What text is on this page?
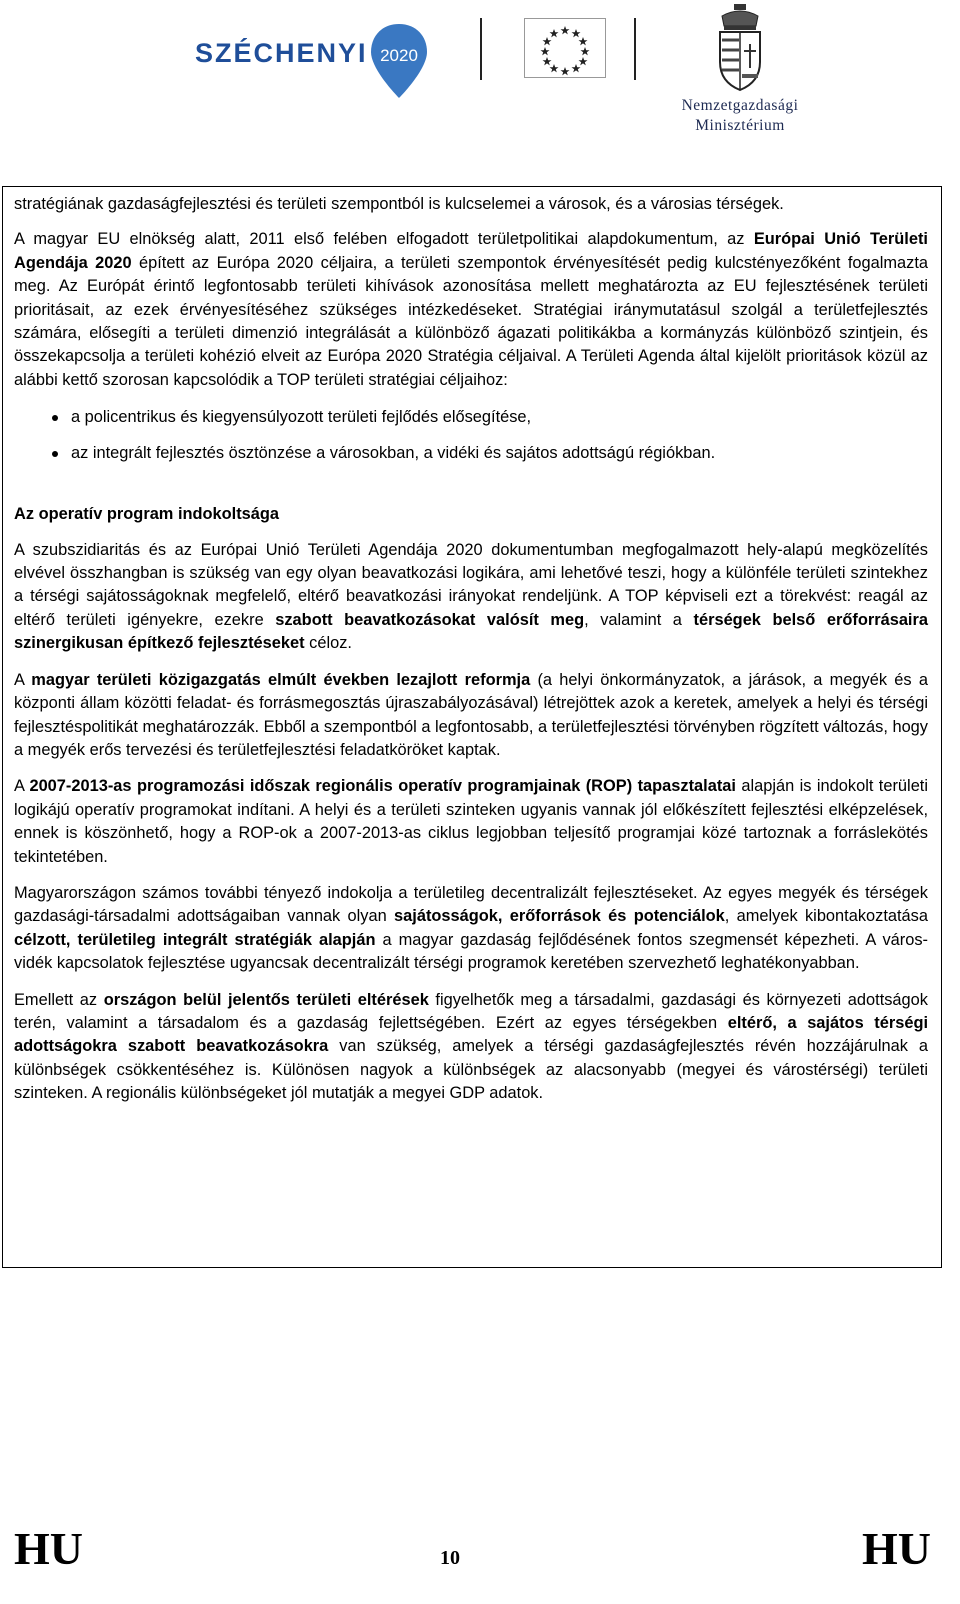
SZÉCHENYI 2020
Nemzetgazdasági
Minisztérium

stratégiának gazdaságfejlesztési és területi szempontból is kulcselemei a városok, és a városias térségek.

A magyar EU elnökség alatt, 2011 első felében elfogadott területpolitikai alapdokumentum, az Európai Unió Területi Agendája 2020 épített az Európa 2020 céljaira, a területi szempontok érvényesítését pedig kulcstényezőként fogalmazta meg. Az Európát érintő legfontosabb területi kihívások azonosítása mellett meghatározta az EU fejlesztésének területi prioritásait, az ezek érvényesítéséhez szükséges intézkedéseket. Stratégiai iránymutatásul szolgál a területfejlesztés számára, elősegíti a területi dimenzió integrálását a különböző ágazati politikákba a kormányzás különböző szintjein, és összekapcsolja a területi kohézió elveit az Európa 2020 Stratégia céljaival. A Területi Agenda által kijelölt prioritások közül az alábbi kettő szorosan kapcsolódik a TOP területi stratégiai céljaihoz:

a policentrikus és kiegyensúlyozott területi fejlődés elősegítése,
az integrált fejlesztés ösztönzése a városokban, a vidéki és sajátos adottságú régiókban.

Az operatív program indokoltsága

A szubszidiaritás és az Európai Unió Területi Agendája 2020 dokumentumban megfogalmazott hely-alapú megközelítés elvével összhangban is szükség van egy olyan beavatkozási logikára, ami lehetővé teszi, hogy a különféle területi szintekhez a térségi sajátosságoknak megfelelő, eltérő beavatkozási irányokat rendeljünk. A TOP képviseli ezt a törekvést: reagál az eltérő területi igényekre, ezekre szabott beavatkozásokat valósít meg, valamint a térségek belső erőforrásaira szinergikusan építkező fejlesztéseket céloz.

A magyar területi közigazgatás elmúlt években lezajlott reformja (a helyi önkormányzatok, a járások, a megyék és a központi állam közötti feladat- és forrásmegosztás újraszabályozásával) létrejöttek azok a keretek, amelyek a helyi és térségi fejlesztéspolitikát meghatározzák. Ebből a szempontból a legfontosabb, a területfejlesztési törvényben rögzített változás, hogy a megyék erős tervezési és területfejlesztési feladatköröket kaptak.

A 2007-2013-as programozási időszak regionális operatív programjainak (ROP) tapasztalatai alapján is indokolt területi logikájú operatív programokat indítani. A helyi és a területi szinteken ugyanis vannak jól előkészített fejlesztési elképzelések, ennek is köszönhető, hogy a ROP-ok a 2007-2013-as ciklus legjobban teljesítő programjai közé tartoznak a forráslekötés tekintetében.

Magyarországon számos további tényező indokolja a területileg decentralizált fejlesztéseket. Az egyes megyék és térségek gazdasági-társadalmi adottságaiban vannak olyan sajátosságok, erőforrások és potenciálok, amelyek kibontakoztatása célzott, területileg integrált stratégiák alapján a magyar gazdaság fejlődésének fontos szegmensét képezheti. A város-vidék kapcsolatok fejlesztése ugyancsak decentralizált térségi programok keretében szervezhető leghatékonyabban.

Emellett az országon belül jelentős területi eltérések figyelhetők meg a társadalmi, gazdasági és környezeti adottságok terén, valamint a társadalom és a gazdaság fejlettségében. Ezért az egyes térségekben eltérő, a sajátos térségi adottságokra szabott beavatkozásokra van szükség, amelyek a térségi gazdaságfejlesztés révén hozzájárulnak a különbségek csökkentéséhez is. Különösen nagyok a különbségek az alacsonyabb (megyei és várostérségi) területi szinteken. A regionális különbségeket jól mutatják a megyei GDP adatok.

HU	10	HU
